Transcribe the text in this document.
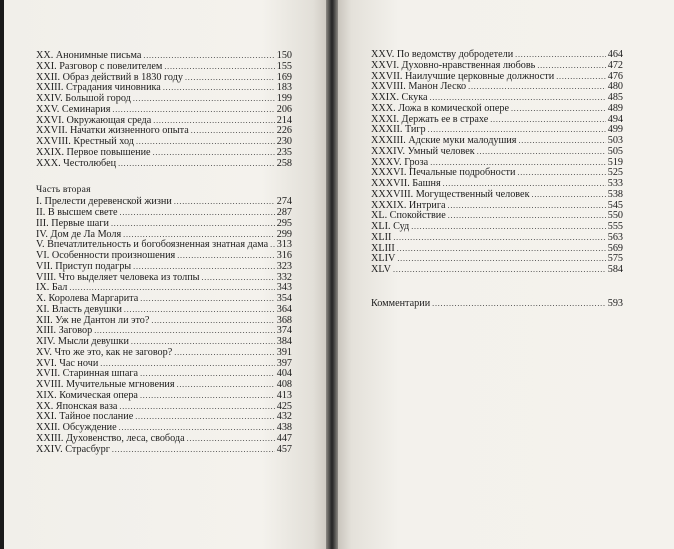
XX. Анонимные письма . . .	150
XXI. Разговор с повелителем . . .	155
XXII. Образ действий в 1830 году . . .	169
XXIII. Страдания чиновника . . .	183
XXIV. Большой город . . .	199
XXV. Семинария . . .	206
XXVI. Окружающая среда . . .	214
XXVII. Начатки жизненного опыта . . .	226
XXVIII. Крестный ход . . .	230
XXIX. Первое повышение . . .	235
XXX. Честолюбец . . .	258
Часть вторая
I. Прелести деревенской жизни . . .	274
II. В высшем свете . . .	287
III. Первые шаги . . .	295
IV. Дом де Ла Моля . . .	299
V. Впечатлительность и богобоязненная знатная дама . . . 313
VI. Особенности произношения . . .	316
VII. Приступ подагры . . .	323
VIII. Что выделяет человека из толпы . . .	332
IX. Бал . . .	343
X. Королева Маргарита . . .	354
XI. Власть девушки . . .	364
XII. Уж не Дантон ли это? . . .	368
XIII. Заговор . . .	374
XIV. Мысли девушки . . .	384
XV. Что же это, как не заговор? . . .	391
XVI. Час ночи . . .	397
XVII. Старинная шпага . . .	404
XVIII. Мучительные мгновения . . .	408
XIX. Комическая опера . . .	413
XX. Японская ваза . . .	425
XXI. Тайное послание . . .	432
XXII. Обсуждение . . .	438
XXIII. Духовенство, леса, свобода . . .	447
XXIV. Страсбург . . .	457
XXV. По ведомству добродетели . . .	464
XXVI. Духовно-нравственная любовь . . .	472
XXVII. Наилучшие церковные должности . . .	476
XXVIII. Манон Леско . . .	480
XXIX. Скука . . .	485
XXX. Ложа в комической опере . . .	489
XXXI. Держать ее в страхе . . .	494
XXXII. Тигр . . .	499
XXXIII. Адские муки малодушия . . .	503
XXXIV. Умный человек . . .	505
XXXV. Гроза . . .	519
XXXVI. Печальные подробности . . .	525
XXXVII. Башня . . .	533
XXXVIII. Могущественный человек . . .	538
XXXIX. Интрига . . .	545
XL. Спокойствие . . .	550
XLI. Суд . . .	555
XLII . . .	563
XLIII . . .	569
XLIV . . .	575
XLV . . .	584
Комментарии . . .	593
